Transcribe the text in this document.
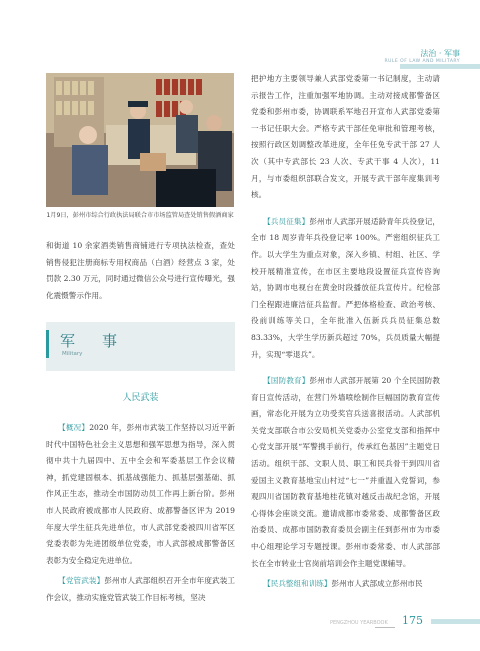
法治 · 军事
RULE OF LAW AND MILITARY
1月9日，彭州市综合行政执法局联合市市场监管局查处销售假酒商家

和街道 10 余家酒类销售商铺进行专项执法检查，查处销售侵犯注册商标专用权商品（白酒）经营点 3 家，处罚款 2.30 万元，同时通过微信公众号进行宣传曝光，强化震慑警示作用。

军　事
Military
人民武装

【概况】2020 年，彭州市武装工作坚持以习近平新时代中国特色社会主义思想和强军思想为指导，深入贯彻中共十九届四中、五中全会和军委基层工作会议精神，抓党建固根本、抓基战强能力、抓基层强基础、抓作风正生态，推动全市国防动员工作再上新台阶。彭州市人民政府被成都市人民政府、成都警备区评为 2019 年度大学生征兵先进单位，市人武部党委被四川省军区党委表彰为先进团级单位党委，市人武部被成都警备区表彰为安全稳定先进单位。

【党管武装】彭州市人武部组织召开全市年度武装工作会议，推动实施党管武装工作目标考核，坚决

把护地方主要领导兼人武部党委第一书记制度，主动请示报告工作，注重加强军地协调。主动对接成都警备区党委和彭州市委，协调联系军地召开宣布人武部党委第一书记任职大会。严格专武干部任免审批和管理考核，按照行政区划调整改革进度，全年任免专武干部 27 人次（其中专武部长 23 人次、专武干事 4 人次），11 月，与市委组织部联合发文，开展专武干部年度集训考核。

【兵员征集】彭州市人武部开展适龄青年兵役登记，全市 18 周岁青年兵役登记率 100%。严密组织征兵工作。以大学生为重点对象，深入乡镇、村组、社区、学校开展精准宣传，在市区主要地段设置征兵宣传咨询站，协调市电视台在黄金时段播放征兵宣传片。纪检部门全程跟进廉洁征兵监督。严把体格检查、政治考核、役前训练等关口，全年批准入伍新兵兵员征集总数 83.33%，大学生学历新兵超过 70%，兵员质量大幅提升，实现“零退兵”。

【国防教育】彭州市人武部开展第 20 个全民国防教育日宣传活动，在营门外墙喷绘制作巨幅国防教育宣传画，常态化开展为立功受奖官兵送喜报活动。人武部机关党支部联合市公安局机关党委办公室党支部和指挥中心党支部开展“军警携手前行，传承红色基因”主题党日活动。组织干部、文职人员、职工和民兵骨干到四川省爱国主义教育基地宝山村过“七一”并重温入党誓词，参观四川省国防教育基地桂花镇对越反击战纪念馆，开展心得体会座谈交流。邀请成都市委常委、成都警备区政治委员、成都市国防教育委员会副主任到彭州市为市委中心组理论学习专题授课。彭州市委常委、市人武部部长在全市转业士官岗前培训会作主题党课辅导。

【民兵整组和训练】彭州市人武部成立彭州市民

PENGZHOU YEARBOOK 175
